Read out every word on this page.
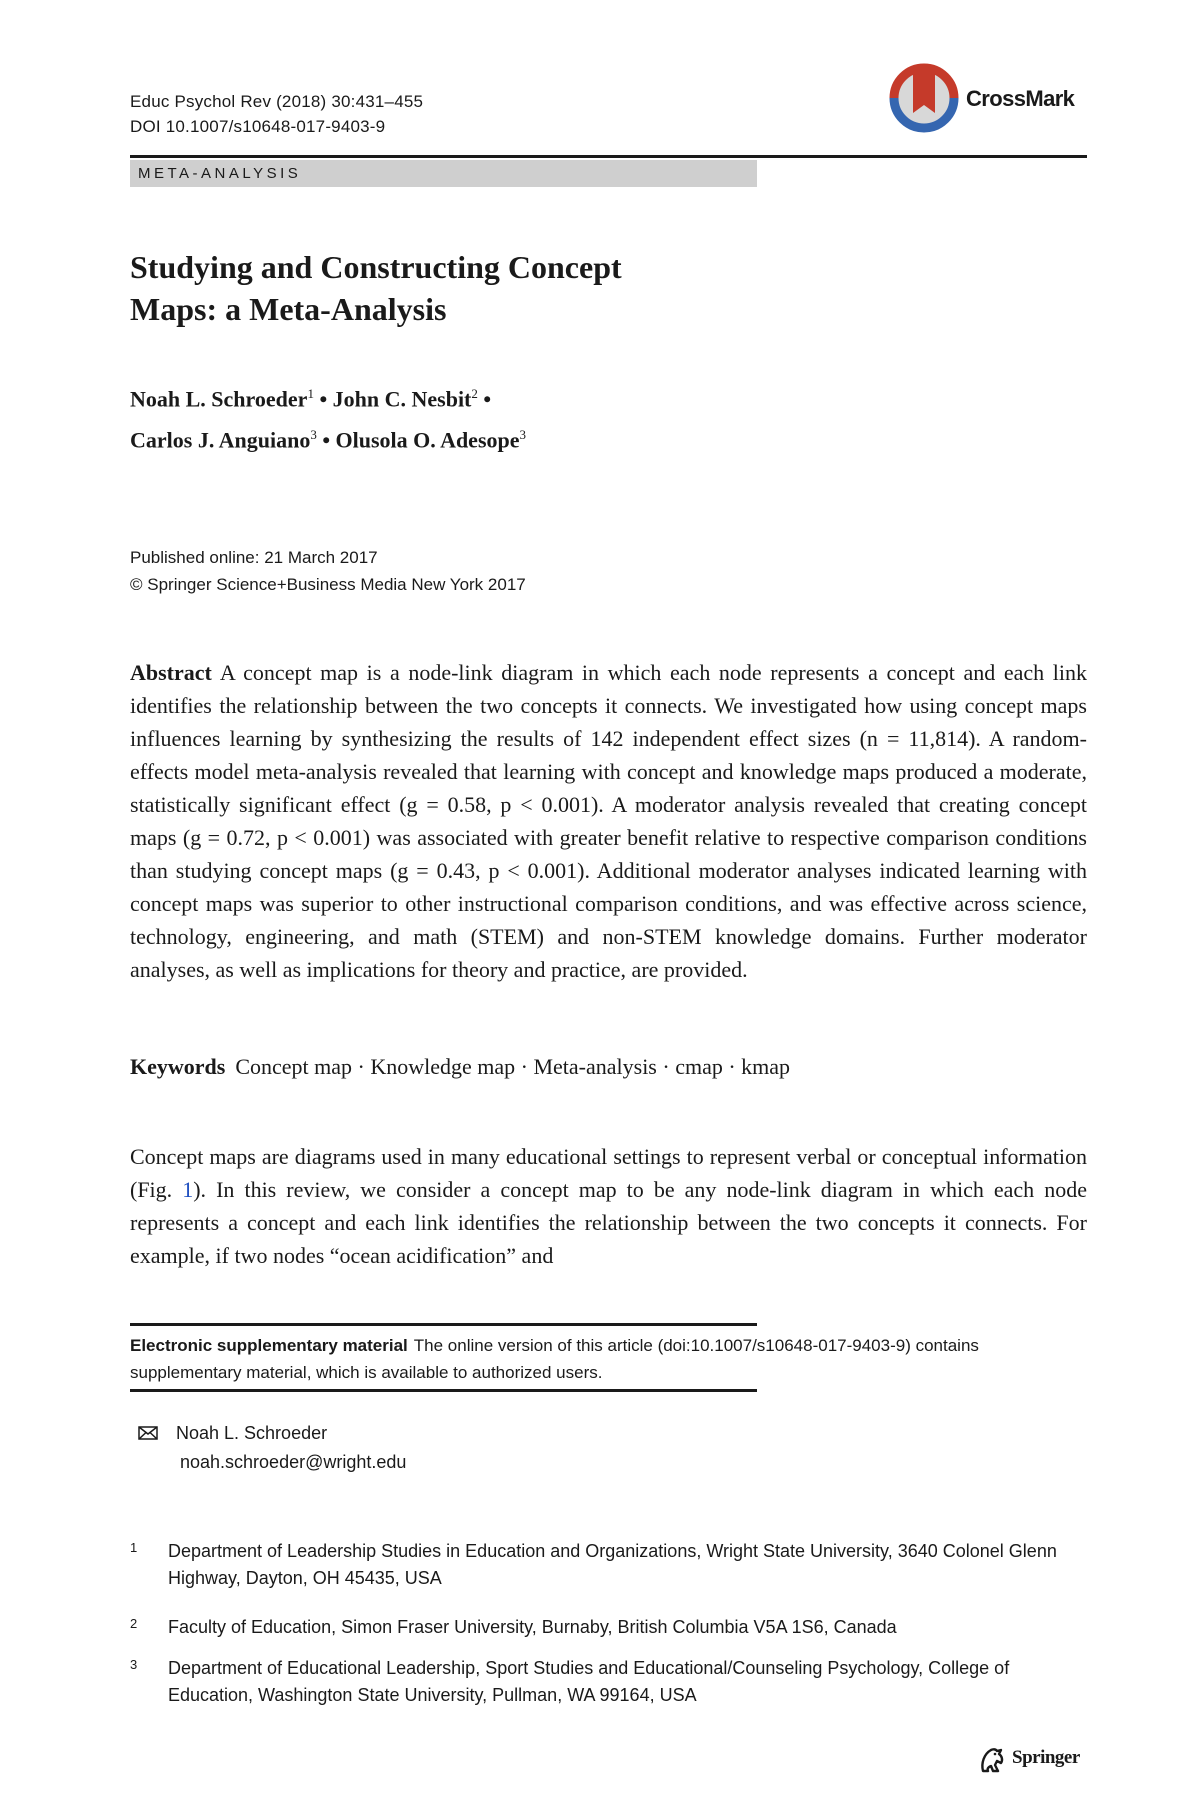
Educ Psychol Rev (2018) 30:431–455
DOI 10.1007/s10648-017-9403-9
CrossMark
META-ANALYSIS
Studying and Constructing Concept
Maps: a Meta-Analysis
Noah L. Schroeder$^1$ • John C. Nesbit$^2$ •
Carlos J. Anguiano$^3$ • Olusola O. Adesope$^3$
Published online: 21 March 2017
© Springer Science+Business Media New York 2017
Abstract A concept map is a node-link diagram in which each node represents a concept and each link identifies the relationship between the two concepts it connects. We investigated how using concept maps influences learning by synthesizing the results of 142 independent effect sizes (n = 11,814). A random-effects model meta-analysis revealed that learning with concept and knowledge maps produced a moderate, statistically significant effect (g = 0.58, p < 0.001). A moderator analysis revealed that creating concept maps (g = 0.72, p < 0.001) was associated with greater benefit relative to respective comparison conditions than studying concept maps (g = 0.43, p < 0.001). Additional moderator analyses indicated learning with concept maps was superior to other instructional comparison conditions, and was effective across science, technology, engineering, and math (STEM) and non-STEM knowledge domains. Further moderator analyses, as well as implications for theory and practice, are provided.
Keywords Concept map · Knowledge map · Meta-analysis · cmap · kmap
Concept maps are diagrams used in many educational settings to represent verbal or conceptual information (Fig. 1). In this review, we consider a concept map to be any node-link diagram in which each node represents a concept and each link identifies the relationship between the two concepts it connects. For example, if two nodes “ocean acidification” and
Electronic supplementary material The online version of this article (doi:10.1007/s10648-017-9403-9) contains supplementary material, which is available to authorized users.
Noah L. Schroeder
noah.schroeder@wright.edu
1 Department of Leadership Studies in Education and Organizations, Wright State University, 3640 Colonel Glenn Highway, Dayton, OH 45435, USA
2 Faculty of Education, Simon Fraser University, Burnaby, British Columbia V5A 1S6, Canada
3 Department of Educational Leadership, Sport Studies and Educational/Counseling Psychology, College of Education, Washington State University, Pullman, WA 99164, USA
Springer
